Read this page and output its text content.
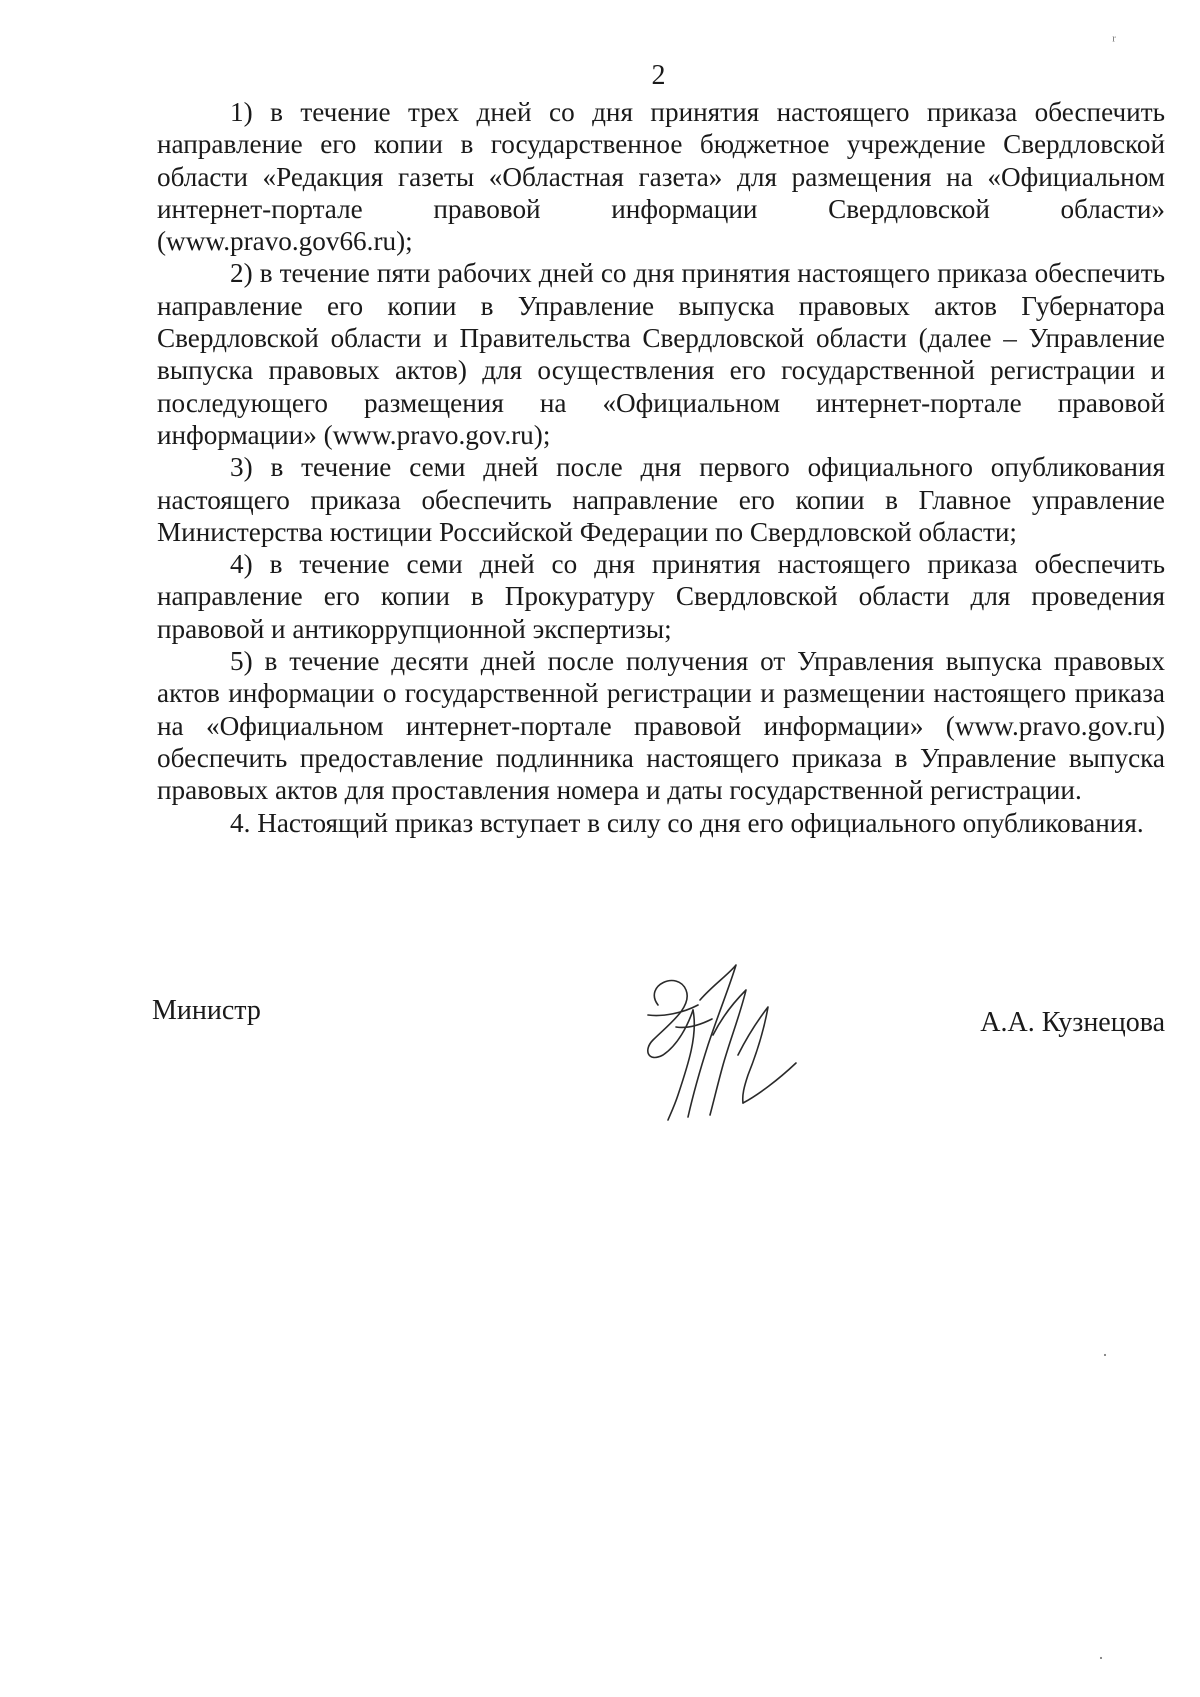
2

1) в течение трех дней со дня принятия настоящего приказа обеспечить направление его копии в государственное бюджетное учреждение Свердловской области «Редакция газеты «Областная газета» для размещения на «Официальном интернет-портале правовой информации Свердловской области» (www.pravo.gov66.ru);

2) в течение пяти рабочих дней со дня принятия настоящего приказа обеспечить направление его копии в Управление выпуска правовых актов Губернатора Свердловской области и Правительства Свердловской области (далее – Управление выпуска правовых актов) для осуществления его государственной регистрации и последующего размещения на «Официальном интернет-портале правовой информации» (www.pravo.gov.ru);

3) в течение семи дней после дня первого официального опубликования настоящего приказа обеспечить направление его копии в Главное управление Министерства юстиции Российской Федерации по Свердловской области;

4) в течение семи дней со дня принятия настоящего приказа обеспечить направление его копии в Прокуратуру Свердловской области для проведения правовой и антикоррупционной экспертизы;

5) в течение десяти дней после получения от Управления выпуска правовых актов информации о государственной регистрации и размещении настоящего приказа на «Официальном интернет-портале правовой информации» (www.pravo.gov.ru) обеспечить предоставление подлинника настоящего приказа в Управление выпуска правовых актов для проставления номера и даты государственной регистрации.

4. Настоящий приказ вступает в силу со дня его официального опубликования.

Министр	А.А. Кузнецова
ᵣ
·
·
